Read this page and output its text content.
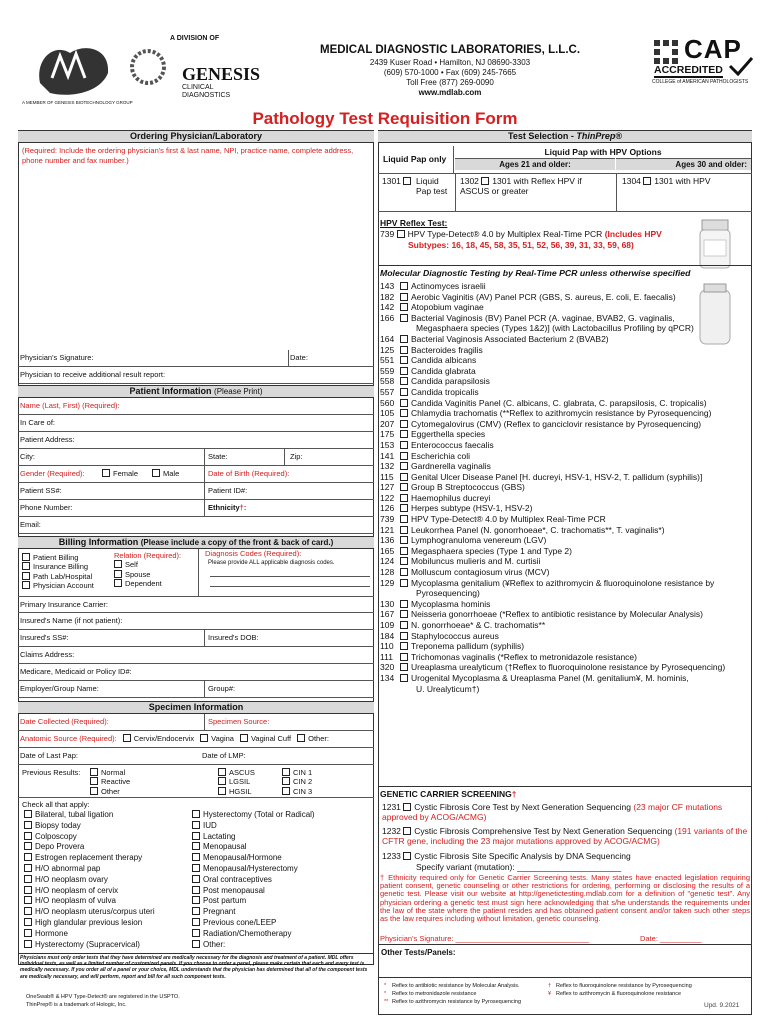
A DIVISION OF
GENESIS
CLINICAL
DIAGNOSTICS
A MEMBER OF GENESIS BIOTECHNOLOGY GROUP
MEDICAL DIAGNOSTIC LABORATORIES, L.L.C.
2439 Kuser Road • Hamilton, NJ 08690-3303
(609) 570-1000 • Fax (609) 245-7665
Toll Free (877) 269-0090
www.mdlab.com
CAP
ACCREDITED
COLLEGE of AMERICAN PATHOLOGISTS
Pathology Test Requisition Form
Ordering Physician/Laboratory
(Required: Include the ordering physician's first & last name, NPI, practice name, complete address, phone number and fax number.)
Physician's Signature:	Date:
Physician to receive additional result report:
Patient Information (Please Print)
Name (Last, First) (Required):
In Care of:
Patient Address:
City:	State:	Zip:
Gender (Required):	Female	Male	Date of Birth (Required):
Patient SS#:	Patient ID#:
Phone Number:	Ethnicity†:
Email:
Billing Information (Please include a copy of the front & back of card.)
Patient Billing
Insurance Billing
Path Lab/Hospital
Physician Account
Relation (Required):
Self
Spouse
Dependent
Diagnosis Codes (Required):
Please provide ALL applicable diagnosis codes.
Primary Insurance Carrier:
Insured's Name (if not patient):
Insured's SS#:	Insured's DOB:
Claims Address:
Medicare, Medicaid or Policy ID#:
Employer/Group Name:	Group#:
Specimen Information
Date Collected (Required):	Specimen Source:
Anatomic Source (Required): Cervix/Endocervix Vagina Vaginal Cuff Other:
Date of Last Pap:	Date of LMP:
Previous Results:	Normal
Reactive
Other
ASCUS
LGSIL
HGSIL
CIN 1
CIN 2
CIN 3
Check all that apply:
Bilateral, tubal ligation
Biopsy today
Colposcopy
Depo Provera
Estrogen replacement therapy
H/O abnormal pap
H/O neoplasm ovary
H/O neoplasm of cervix
H/O neoplasm of vulva
H/O neoplasm uterus/corpus uteri
High glandular previous lesion
Hormone
Hysterectomy (Supracervical)
Hysterectomy (Total or Radical)
IUD
Lactating
Menopausal
Menopausal/Hormone
Menopausal/Hysterectomy
Oral contraceptives
Post menopausal
Post partum
Pregnant
Previous cone/LEEP
Radiation/Chemotherapy
Other:
Physicians must only order tests that they have determined are medically necessary for the diagnosis and treatment of a patient. MDL offers individual tests, as well as a limited number of customized panels. If you choose to order a panel, please make certain that each and every test is medically necessary. If you order all of a panel or your choice, MDL understands that the physician has determined that all of the component tests are medically necessary, and will perform, report and bill for all such component tests.
OneSwab® & HPV Type-Detect® are registered in the USPTO.
ThinPrep® is a trademark of Hologic, Inc.
Test Selection - ThinPrep®
Liquid Pap only
Liquid Pap with HPV Options
Ages 21 and older:	Ages 30 and older:
1301 Liquid Pap test
1302 1301 with Reflex HPV if ASCUS or greater
1304 1301 with HPV
HPV Reflex Test:
739 HPV Type-Detect® 4.0 by Multiplex Real-Time PCR (Includes HPV
Subtypes: 16, 18, 45, 58, 35, 51, 52, 56, 39, 31, 33, 59, 68)
Molecular Diagnostic Testing by Real-Time PCR unless otherwise specified
143 Actinomyces israelii
182 Aerobic Vaginitis (AV) Panel PCR (GBS, S. aureus, E. coli, E. faecalis)
142 Atopobium vaginae
166 Bacterial Vaginosis (BV) Panel PCR (A. vaginae, BVAB2, G. vaginalis,
Megasphaera species (Types 1&2)] (with Lactobacillus Profiling by qPCR)
164 Bacterial Vaginosis Associated Bacterium 2 (BVAB2)
125 Bacteroides fragilis
551 Candida albicans
559 Candida glabrata
558 Candida parapsilosis
557 Candida tropicalis
560 Candida Vaginitis Panel (C. albicans, C. glabrata, C. parapsilosis, C. tropicalis)
105 Chlamydia trachomatis (**Reflex to azithromycin resistance by Pyrosequencing)
207 Cytomegalovirus (CMV) (Reflex to ganciclovir resistance by Pyrosequencing)
175 Eggerthella species
153 Enterococcus faecalis
141 Escherichia coli
132 Gardnerella vaginalis
115 Genital Ulcer Disease Panel [H. ducreyi, HSV-1, HSV-2, T. pallidum (syphilis)]
127 Group B Streptococcus (GBS)
122 Haemophilus ducreyi
126 Herpes subtype (HSV-1, HSV-2)
739 HPV Type-Detect® 4.0 by Multiplex Real-Time PCR
121 Leukorrhea Panel (N. gonorrhoeae*, C. trachomatis**, T. vaginalis*)
136 Lymphogranuloma venereum (LGV)
165 Megasphaera species (Type 1 and Type 2)
124 Mobiluncus mulieris and M. curtisii
128 Molluscum contagiosum virus (MCV)
129 Mycoplasma genitalium (¥Reflex to azithromycin & fluoroquinolone resistance by
Pyrosequencing)
130 Mycoplasma hominis
167 Neisseria gonorrhoeae (*Reflex to antibiotic resistance by Molecular Analysis)
109 N. gonorrhoeae* & C. trachomatis**
184 Staphylococcus aureus
110 Treponema pallidum (syphilis)
111 Trichomonas vaginalis (*Reflex to metronidazole resistance)
320 Ureaplasma urealyticum (†Reflex to fluoroquinolone resistance by Pyrosequencing)
134 Urogenital Mycoplasma & Ureaplasma Panel (M. genitalium¥, M. hominis,
U. Urealyticum†)
GENETIC CARRIER SCREENING†
1231 Cystic Fibrosis Core Test by Next Generation Sequencing (23 major CF mutations approved by ACOG/ACMG)
1232 Cystic Fibrosis Comprehensive Test by Next Generation Sequencing (191 variants of the CFTR gene, including the 23 major mutations approved by ACOG/ACMG)
1233 Cystic Fibrosis Site Specific Analysis by DNA Sequencing
Specify variant (mutation): ______________________
† Ethnicity required only for Genetic Carrier Screening tests. Many states have enacted legislation requiring patient consent, genetic counseling or other restrictions for ordering, performing or disclosing the results of a genetic test. Please visit our website at http://genetictesting.mdlab.com for a definition of "genetic test". Any physician ordering a genetic test must sign here acknowledging that s/he understands the requirements under the law of the state where the patient resides and has obtained patient consent and/or taken such other steps as the law requires including without limitation, genetic counseling.
Physician's Signature: ________________________________	Date: __________
Other Tests/Panels:
* Reflex to antibiotic resistance by Molecular Analysis.
* Reflex to metronidazole resistance
** Reflex to azithromycin resistance by Pyrosequencing
† Reflex to fluoroquinolone resistance by Pyrosequencing
¥ Reflex to azithromycin & fluoroquinolone resistance
Upd. 9.2021
